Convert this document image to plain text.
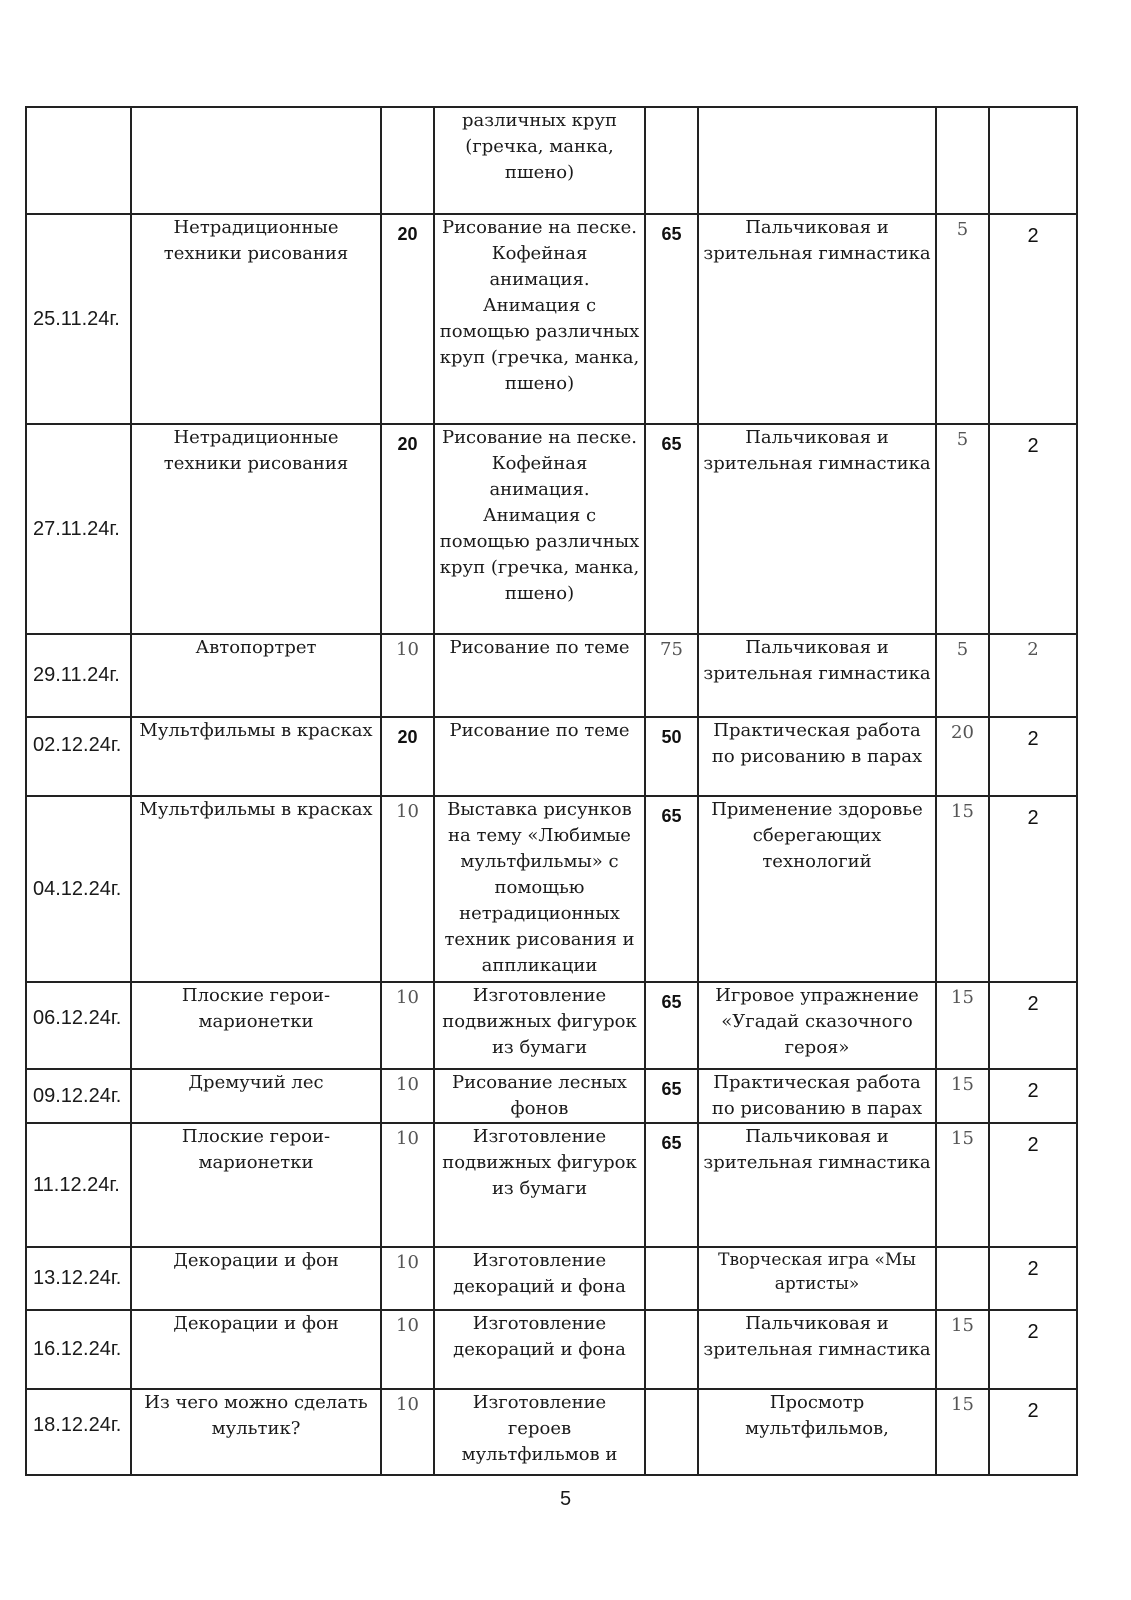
			различных круп (гречка, манка, пшено)				
25.11.24г.	Нетрадиционные техники рисования	20	Рисование на песке. Кофейная анимация. Анимация с помощью различных круп (гречка, манка, пшено)	65	Пальчиковая и зрительная гимнастика	5	2
27.11.24г.	Нетрадиционные техники рисования	20	Рисование на песке. Кофейная анимация. Анимация с помощью различных круп (гречка, манка, пшено)	65	Пальчиковая и зрительная гимнастика	5	2
29.11.24г.	Автопортрет	10	Рисование по теме	75	Пальчиковая и зрительная гимнастика	5	2
02.12.24г.	Мультфильмы в красках	20	Рисование по теме	50	Практическая работа по рисованию в парах	20	2
04.12.24г.	Мультфильмы в красках	10	Выставка рисунков на тему «Любимые мультфильмы» с помощью нетрадиционных техник рисования и аппликации	65	Применение здоровье сберегающих технологий	15	2
06.12.24г.	Плоские герои-марионетки	10	Изготовление подвижных фигурок из бумаги	65	Игровое упражнение «Угадай сказочного героя»	15	2
09.12.24г.	Дремучий лес	10	Рисование лесных фонов	65	Практическая работа по рисованию в парах	15	2
11.12.24г.	Плоские герои-марионетки	10	Изготовление подвижных фигурок из бумаги	65	Пальчиковая и зрительная гимнастика	15	2
13.12.24г.	Декорации и фон	10	Изготовление декораций и фона		Творческая игра «Мы артисты»		2
16.12.24г.	Декорации и фон	10	Изготовление декораций и фона		Пальчиковая и зрительная гимнастика	15	2
18.12.24г.	Из чего можно сделать мультик?	10	Изготовление героев мультфильмов и		Просмотр мультфильмов,	15	2
5
